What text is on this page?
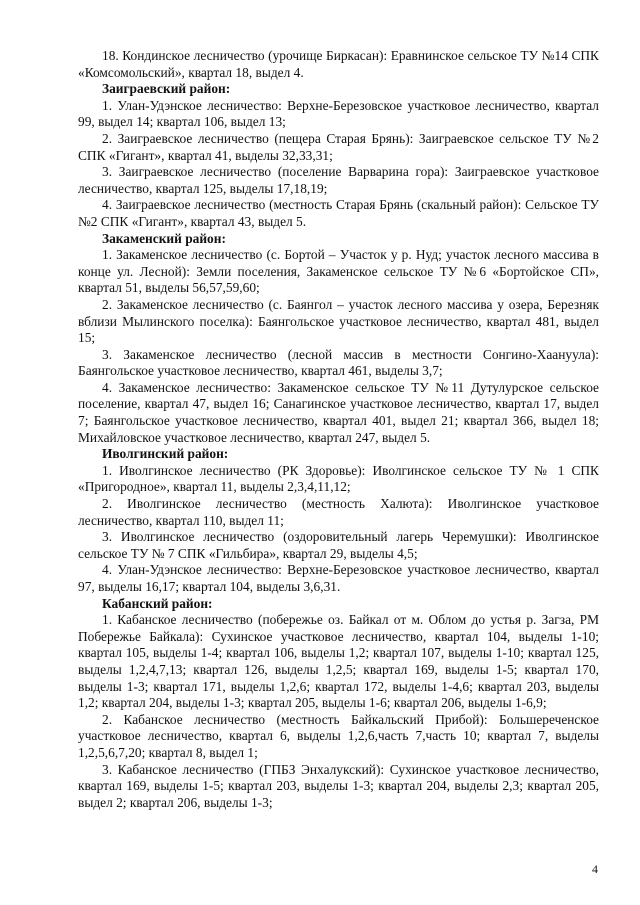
18. Кондинское лесничество (урочище Биркасан): Еравнинское сельское ТУ №14 СПК «Комсомольский», квартал 18, выдел 4.

Заиграевский район:

1. Улан-Удэнское лесничество: Верхне-Березовское участковое лесничество, квартал 99, выдел 14; квартал 106, выдел 13;

2. Заиграевское лесничество (пещера Старая Брянь): Заиграевское сельское ТУ №2 СПК «Гигант», квартал 41, выделы 32,33,31;

3. Заиграевское лесничество (поселение Варварина гора): Заиграевское участковое лесничество, квартал 125, выделы 17,18,19;

4. Заиграевское лесничество (местность Старая Брянь (скальный район): Сельское ТУ №2 СПК «Гигант», квартал 43, выдел 5.

Закаменский район:

1. Закаменское лесничество (с. Бортой – Участок у р. Нуд; участок лесного массива в конце ул. Лесной): Земли поселения, Закаменское сельское ТУ №6 «Бортойское СП», квартал 51, выделы 56,57,59,60;

2. Закаменское лесничество (с. Баянгол – участок лесного массива у озера, Березняк вблизи Мылинского поселка): Баянгольское участковое лесничество, квартал 481, выдел 15;

3. Закаменское лесничество (лесной массив в местности Сонгино-Хаануула): Баянгольское участковое лесничество, квартал 461, выделы 3,7;

4. Закаменское лесничество: Закаменское сельское ТУ №11 Дутулурское сельское поселение, квартал 47, выдел 16; Санагинское участковое лесничество, квартал 17, выдел 7; Баянгольское участковое лесничество, квартал 401, выдел 21; квартал 366, выдел 18; Михайловское участковое лесничество, квартал 247, выдел 5.

Иволгинский район:

1. Иволгинское лесничество (РК Здоровье): Иволгинское сельское ТУ № 1 СПК «Пригородное», квартал 11, выделы 2,3,4,11,12;

2. Иволгинское лесничество (местность Халюта): Иволгинское участковое лесничество, квартал 110, выдел 11;

3. Иволгинское лесничество (оздоровительный лагерь Черемушки): Иволгинское сельское ТУ № 7 СПК «Гильбира», квартал 29, выделы 4,5;

4. Улан-Удэнское лесничество: Верхне-Березовское участковое лесничество, квартал 97, выделы 16,17; квартал 104, выделы 3,6,31.

Кабанский район:

1. Кабанское лесничество (побережье оз. Байкал от м. Облом до устья р. Загза, РМ Побережье Байкала): Сухинское участковое лесничество, квартал 104, выделы 1-10; квартал 105, выделы 1-4; квартал 106, выделы 1,2; квартал 107, выделы 1-10; квартал 125, выделы 1,2,4,7,13; квартал 126, выделы 1,2,5; квартал 169, выделы 1-5; квартал 170, выделы 1-3; квартал 171, выделы 1,2,6; квартал 172, выделы 1-4,6; квартал 203, выделы 1,2; квартал 204, выделы 1-3; квартал 205, выделы 1-6; квартал 206, выделы 1-6,9;

2. Кабанское лесничество (местность Байкальский Прибой): Большереченское участковое лесничество, квартал 6, выделы 1,2,6,часть 7,часть 10; квартал 7, выделы 1,2,5,6,7,20; квартал 8, выдел 1;

3. Кабанское лесничество (ГПБЗ Энхалукский): Сухинское участковое лесничество, квартал 169, выделы 1-5; квартал 203, выделы 1-3; квартал 204, выделы 2,3; квартал 205, выдел 2; квартал 206, выделы 1-3;

4
